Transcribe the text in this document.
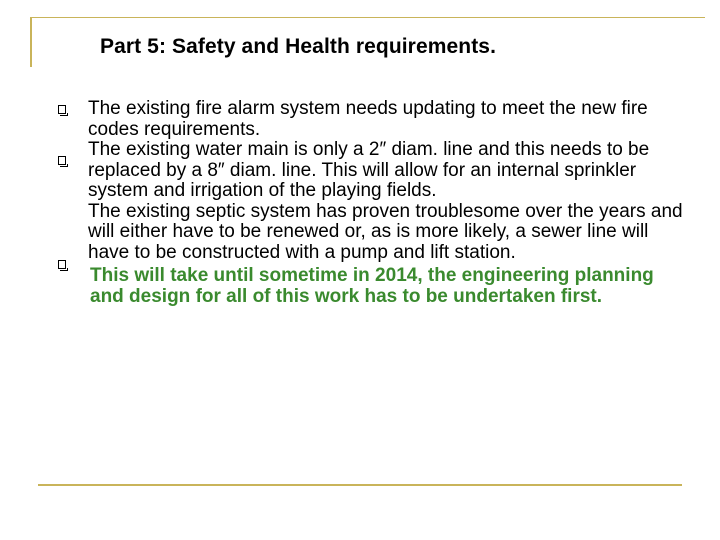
Part 5: Safety and Health requirements.

The existing fire alarm system needs updating to meet the new fire codes requirements.

The existing water main is only a 2″ diam. line and this needs to be replaced by a 8″ diam. line. This will allow for an internal sprinkler system and irrigation of the playing fields.

The existing septic system has proven troublesome over the years and will either have to be renewed or, as is more likely, a sewer line will have to be constructed with a pump and lift station.

This will take until sometime in 2014, the engineering planning and design for all of this work has to be undertaken first.
